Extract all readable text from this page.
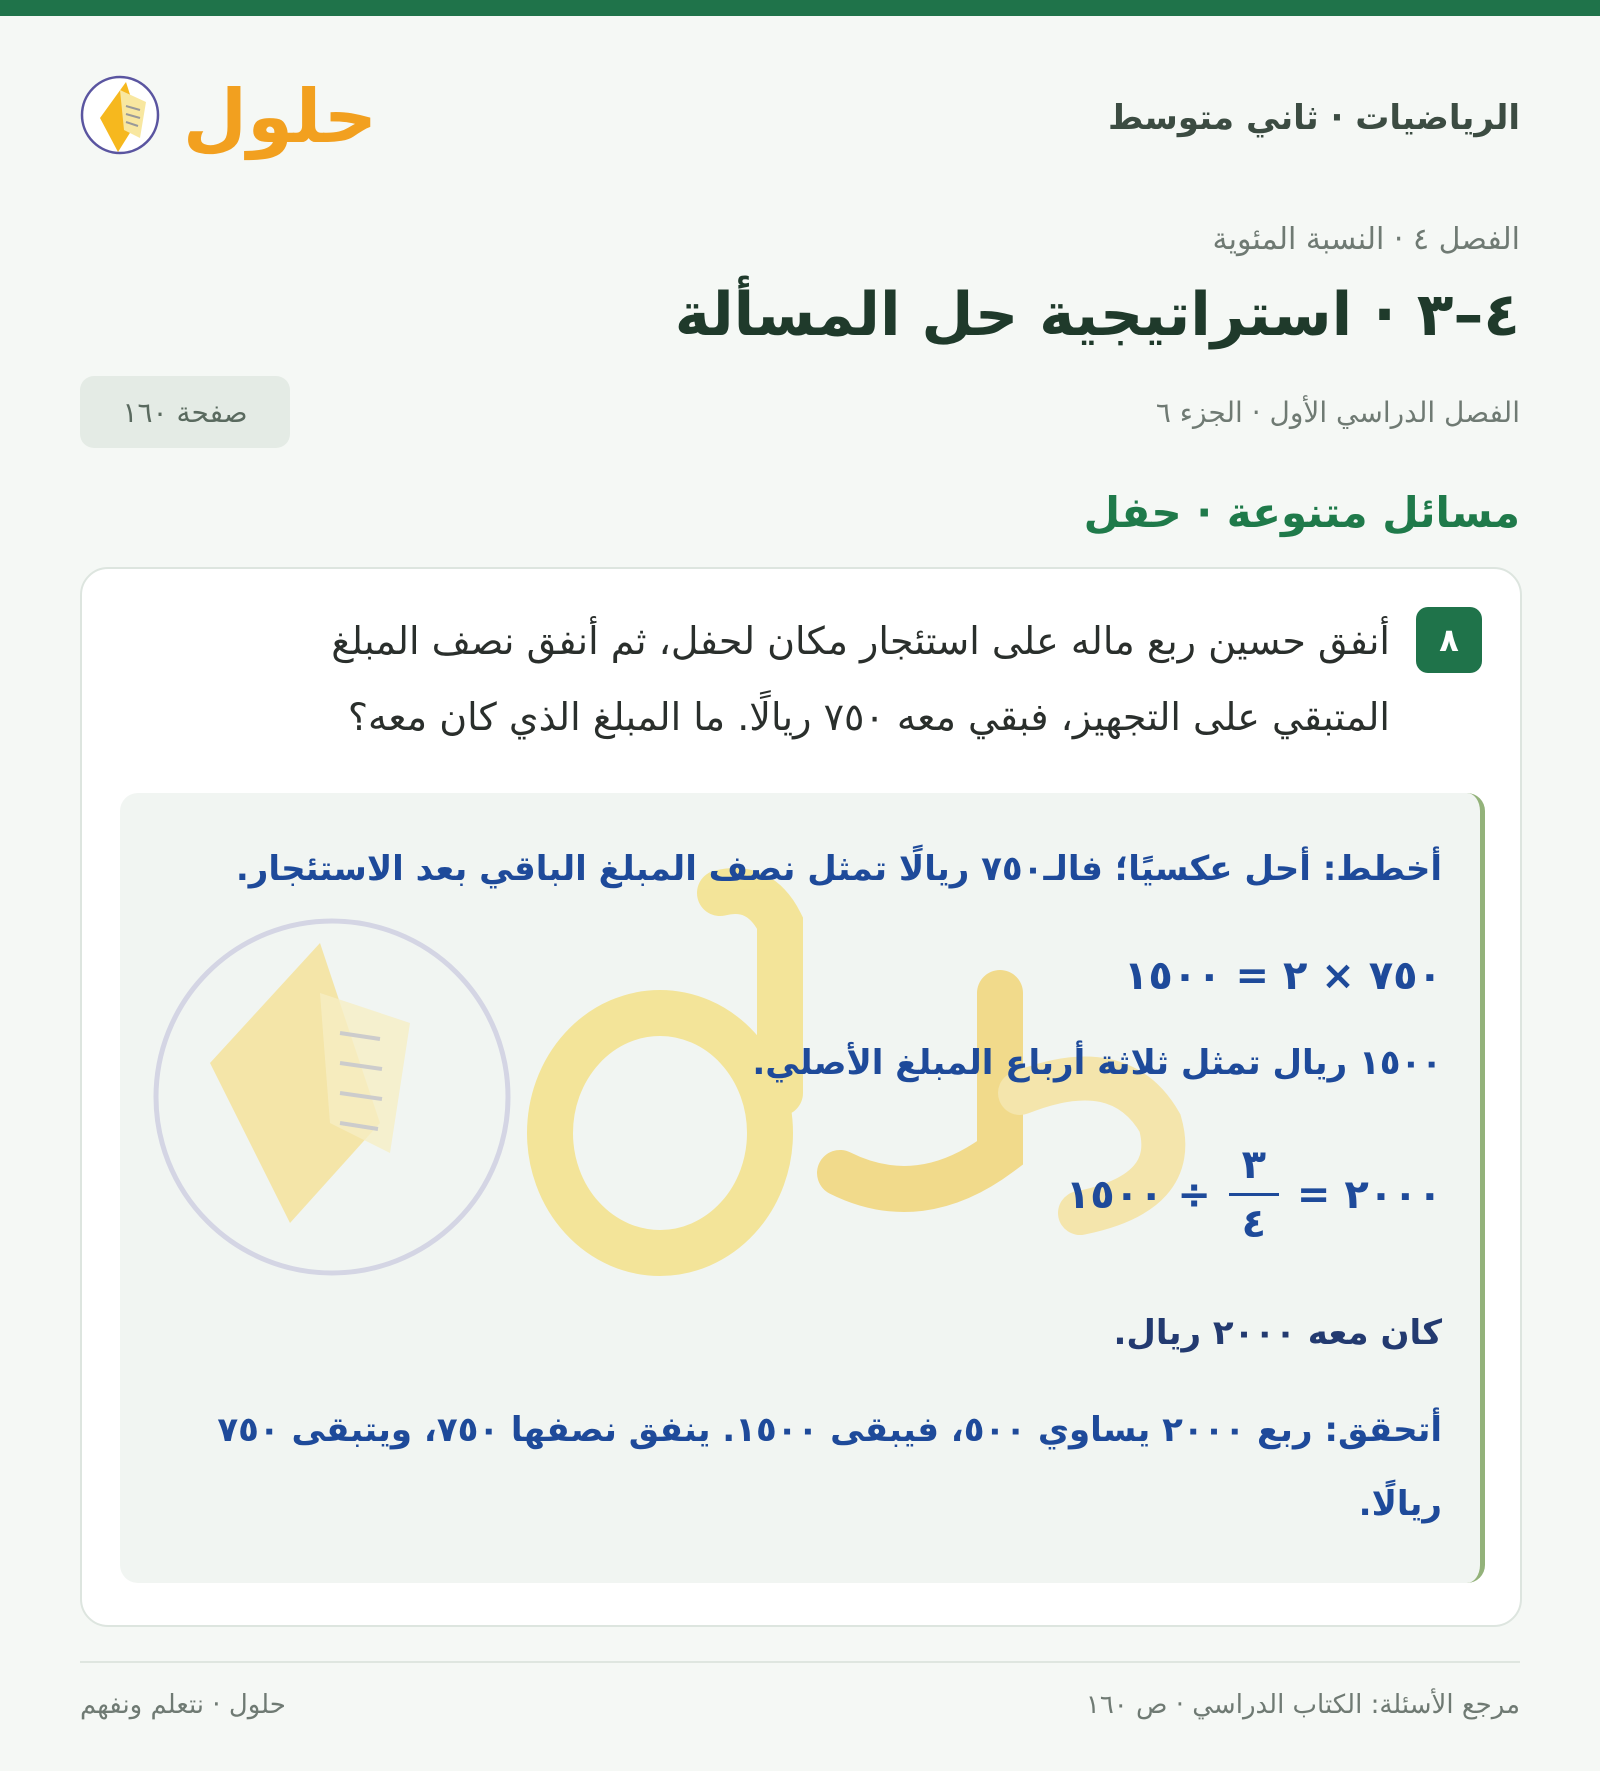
الرياضيات · ثاني متوسط
حلول
الفصل ٤ · النسبة المئوية
٤–٣ · استراتيجية حل المسألة
الفصل الدراسي الأول · الجزء ٦
صفحة ١٦٠
مسائل متنوعة · حفل
٨

أنفق حسين ربع ماله على استئجار مكان لحفل، ثم أنفق نصف المبلغ المتبقي على التجهيز، فبقي معه ٧٥٠ ريالًا. ما المبلغ الذي كان معه؟

أخطط: أحل عكسيًا؛ فالـ٧٥٠ ريالًا تمثل نصف المبلغ الباقي بعد الاستئجار.

٧٥٠ × ٢ = ١٥٠٠

١٥٠٠ ريال تمثل ثلاثة أرباع المبلغ الأصلي.

١٥٠٠ ÷ $\frac{٣}{٤}$ = ٢٠٠٠

كان معه ٢٠٠٠ ريال.

أتحقق: ربع ٢٠٠٠ يساوي ٥٠٠، فيبقى ١٥٠٠. ينفق نصفها ٧٥٠، ويتبقى ٧٥٠ ريالًا.

مرجع الأسئلة: الكتاب الدراسي · ص ١٦٠
حلول · نتعلم ونفهم
